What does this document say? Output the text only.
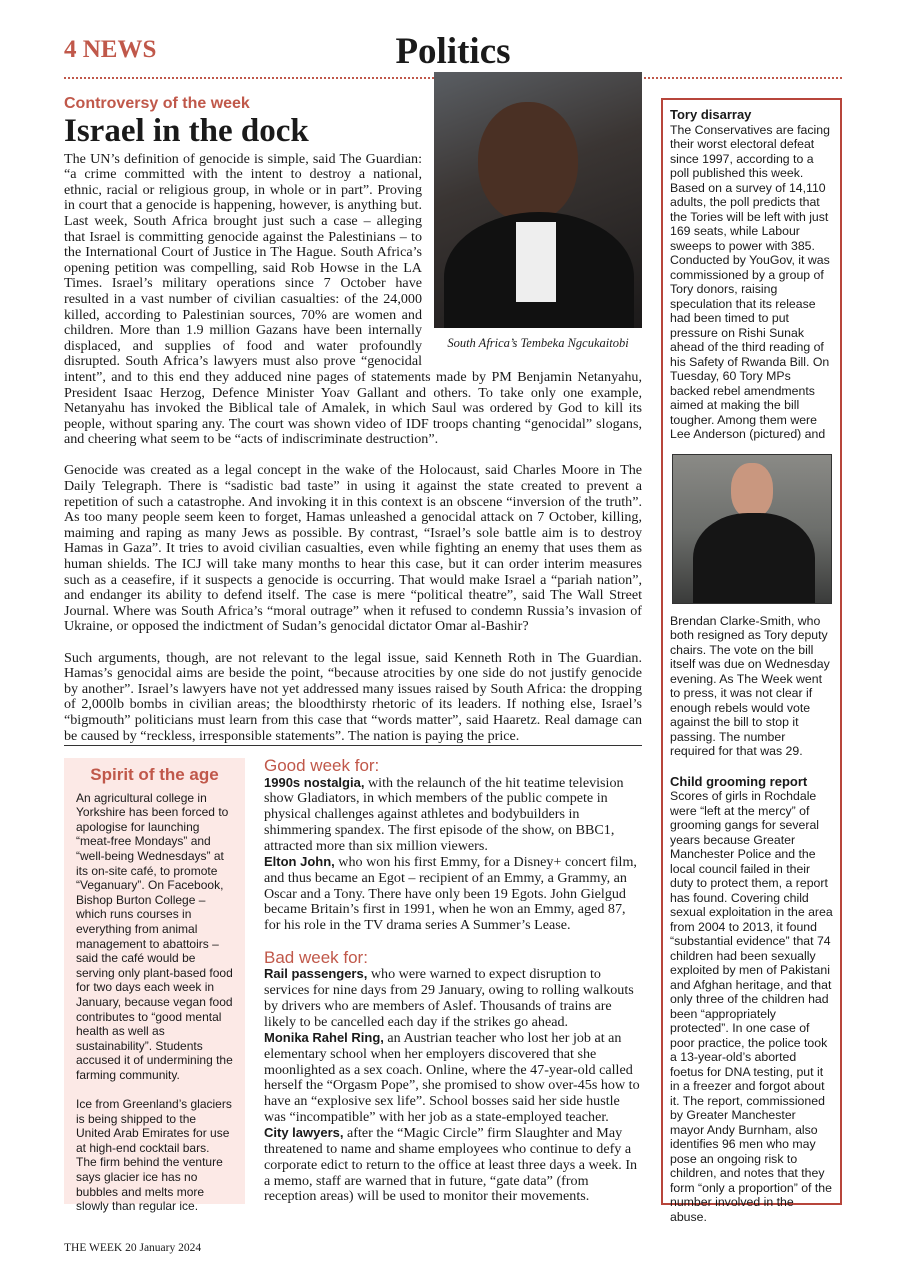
4 NEWS	Politics
Controversy of the week
South Africa’s Tembeka Ngcukaitobi
Israel in the dock

The UN’s definition of genocide is simple, said The Guardian: “a crime committed with the intent to destroy a national, ethnic, racial or religious group, in whole or in part”. Proving in court that a genocide is happening, however, is anything but. Last week, South Africa brought just such a case – alleging that Israel is committing genocide against the Palestinians – to the International Court of Justice in The Hague. South Africa’s opening petition was compelling, said Rob Howse in the LA Times. Israel’s military operations since 7 October have resulted in a vast number of civilian casualties: of the 24,000 killed, according to Palestinian sources, 70% are women and children. More than 1.9 million Gazans have been internally displaced, and supplies of food and water profoundly disrupted. South Africa’s lawyers must also prove “genocidal intent”, and to this end they adduced nine pages of statements made by PM Benjamin Netanyahu, President Isaac Herzog, Defence Minister Yoav Gallant and others. To take only one example, Netanyahu has invoked the Biblical tale of Amalek, in which Saul was ordered by God to kill its people, without sparing any. The court was shown video of IDF troops chanting “genocidal” slogans, and cheering what seem to be “acts of indiscriminate destruction”.

Genocide was created as a legal concept in the wake of the Holocaust, said Charles Moore in The Daily Telegraph. There is “sadistic bad taste” in using it against the state created to prevent a repetition of such a catastrophe. And invoking it in this context is an obscene “inversion of the truth”. As too many people seem keen to forget, Hamas unleashed a genocidal attack on 7 October, killing, maiming and raping as many Jews as possible. By contrast, “Israel’s sole battle aim is to destroy Hamas in Gaza”. It tries to avoid civilian casualties, even while fighting an enemy that uses them as human shields. The ICJ will take many months to hear this case, but it can order interim measures such as a ceasefire, if it suspects a genocide is occurring. That would make Israel a “pariah nation”, and endanger its ability to defend itself. The case is mere “political theatre”, said The Wall Street Journal. Where was South Africa’s “moral outrage” when it refused to condemn Russia’s invasion of Ukraine, or opposed the indictment of Sudan’s genocidal dictator Omar al-Bashir?

Such arguments, though, are not relevant to the legal issue, said Kenneth Roth in The Guardian. Hamas’s genocidal aims are beside the point, “because atrocities by one side do not justify genocide by another”. Israel’s lawyers have not yet addressed many issues raised by South Africa: the dropping of 2,000lb bombs in civilian areas; the bloodthirsty rhetoric of its leaders. If nothing else, Israel’s “bigmouth” politicians must learn from this case that “words matter”, said Haaretz. Real damage can be caused by “reckless, irresponsible statements”. The nation is paying the price.

Spirit of the age

An agricultural college in Yorkshire has been forced to apologise for launching “meat-free Mondays” and “well-being Wednesdays” at its on-site café, to promote “Veganuary”. On Facebook, Bishop Burton College – which runs courses in everything from animal management to abattoirs – said the café would be serving only plant-based food for two days each week in January, because vegan food contributes to “good mental health as well as sustainability”. Students accused it of undermining the farming community.

Ice from Greenland’s glaciers is being shipped to the United Arab Emirates for use at high-end cocktail bars. The firm behind the venture says glacier ice has no bubbles and melts more slowly than regular ice.

Good week for:

1990s nostalgia, with the relaunch of the hit teatime television show Gladiators, in which members of the public compete in physical challenges against athletes and bodybuilders in shimmering spandex. The first episode of the show, on BBC1, attracted more than six million viewers.

Elton John, who won his first Emmy, for a Disney+ concert film, and thus became an Egot – recipient of an Emmy, a Grammy, an Oscar and a Tony. There have only been 19 Egots. John Gielgud became Britain’s first in 1991, when he won an Emmy, aged 87, for his role in the TV drama series A Summer’s Lease.

Bad week for:

Rail passengers, who were warned to expect disruption to services for nine days from 29 January, owing to rolling walkouts by drivers who are members of Aslef. Thousands of trains are likely to be cancelled each day if the strikes go ahead.

Monika Rahel Ring, an Austrian teacher who lost her job at an elementary school when her employers discovered that she moonlighted as a sex coach. Online, where the 47-year-old called herself the “Orgasm Pope”, she promised to show over-45s how to have an “explosive sex life”. School bosses said her side hustle was “incompatible” with her job as a state-employed teacher.

City lawyers, after the “Magic Circle” firm Slaughter and May threatened to name and shame employees who continue to defy a corporate edict to return to the office at least three days a week. In a memo, staff are warned that in future, “gate data” (from reception areas) will be used to monitor their movements.

Tory disarray
The Conservatives are facing their worst electoral defeat since 1997, according to a poll published this week. Based on a survey of 14,110 adults, the poll predicts that the Tories will be left with just 169 seats, while Labour sweeps to power with 385. Conducted by YouGov, it was commissioned by a group of Tory donors, raising speculation that its release had been timed to put pressure on Rishi Sunak ahead of the third reading of his Safety of Rwanda Bill. On Tuesday, 60 Tory MPs backed rebel amendments aimed at making the bill tougher. Among them were Lee Anderson (pictured) and
Brendan Clarke-Smith, who both resigned as Tory deputy chairs. The vote on the bill itself was due on Wednesday evening. As The Week went to press, it was not clear if enough rebels would vote against the bill to stop it passing. The number required for that was 29.
Child grooming report
Scores of girls in Rochdale were “left at the mercy” of grooming gangs for several years because Greater Manchester Police and the local council failed in their duty to protect them, a report has found. Covering child sexual exploitation in the area from 2004 to 2013, it found “substantial evidence” that 74 children had been sexually exploited by men of Pakistani and Afghan heritage, and that only three of the children had been “appropriately protected”. In one case of poor practice, the police took a 13-year-old’s aborted foetus for DNA testing, put it in a freezer and forgot about it. The report, commissioned by Greater Manchester mayor Andy Burnham, also identifies 96 men who may pose an ongoing risk to children, and notes that they form “only a proportion” of the number involved in the abuse.
THE WEEK 20 January 2024
